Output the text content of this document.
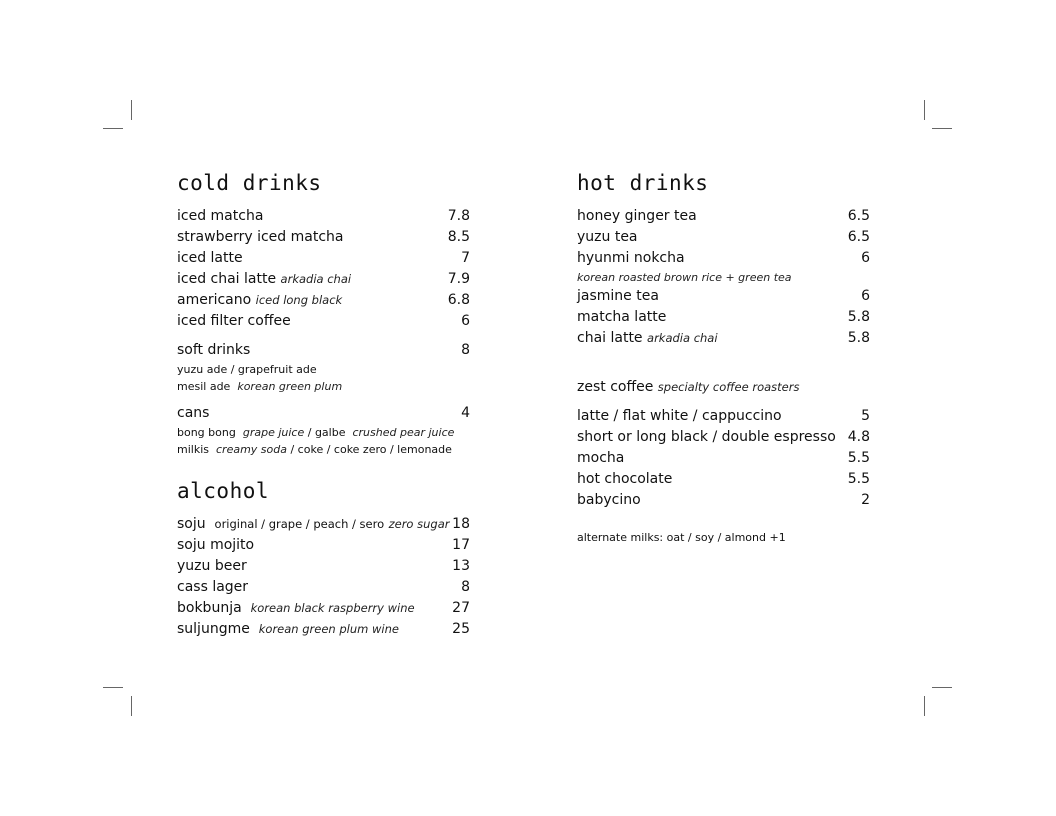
cold drinks
iced matcha	7.8
strawberry iced matcha	8.5
iced latte	7
iced chai latte arkadia chai	7.9
americano iced long black	6.8
iced filter coffee	6
soft drinks	8
yuzu ade / grapefruit ade
mesil ade korean green plum
cans	4
bong bong grape juice / galbe crushed pear juice
milkis creamy soda / coke / coke zero / lemonade
alcohol
soju original / grape / peach / sero zero sugar 18
soju mojito	17
yuzu beer	13
cass lager	8
bokbunja korean black raspberry wine	27
suljungme korean green plum wine	25
hot drinks
honey ginger tea	6.5
yuzu tea	6.5
hyunmi nokcha	6
korean roasted brown rice + green tea
jasmine tea	6
matcha latte	5.8
chai latte arkadia chai	5.8
zest coffee specialty coffee roasters
latte / flat white / cappuccino	5
short or long black / double espresso 4.8
mocha	5.5
hot chocolate	5.5
babycino	2
alternate milks: oat / soy / almond +1
